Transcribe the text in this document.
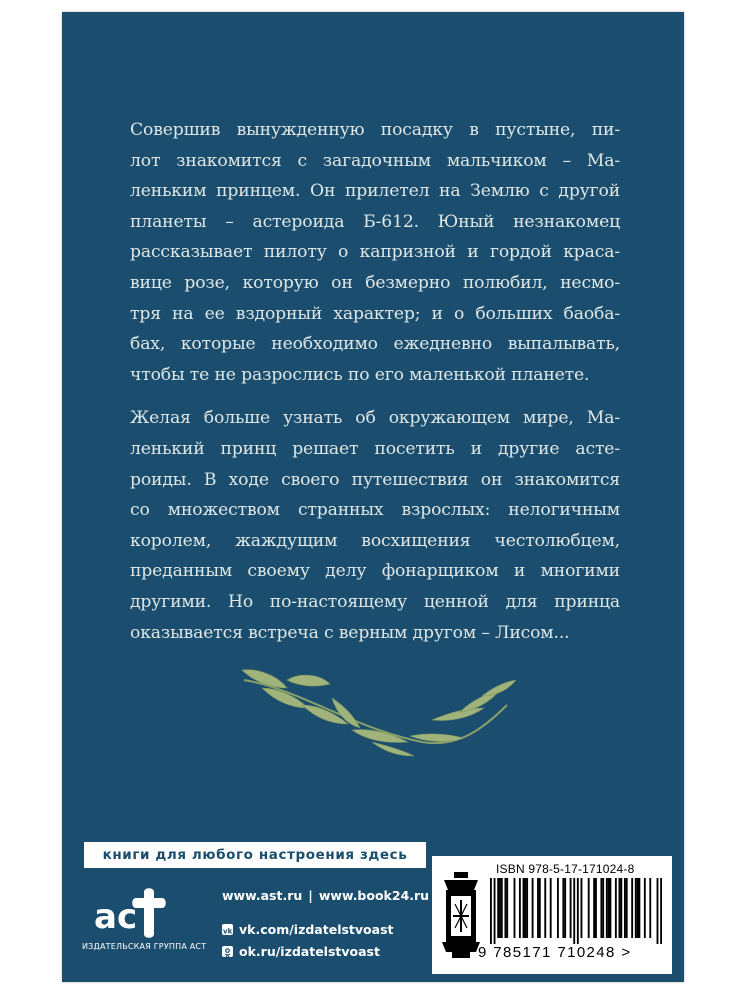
Совершив вынужденную посадку в пустыне, пи-
лот знакомится с загадочным мальчиком – Ма-
леньким принцем. Он прилетел на Землю с другой
планеты – астероида Б-612. Юный незнакомец
рассказывает пилоту о капризной и гордой краса-
вице розе, которую он безмерно полюбил, несмо-
тря на ее вздорный характер; и о больших баоба-
бах, которые необходимо ежедневно выпалывать,
чтобы те не разрослись по его маленькой планете.

Желая больше узнать об окружающем мире, Ма-
ленький принц решает посетить и другие асте-
роиды. В ходе своего путешествия он знакомится
со множеством странных взрослых: нелогичным
королем, жаждущим восхищения честолюбцем,
преданным своему делу фонарщиком и многими
другими. Но по-настоящему ценной для принца
оказывается встреча с верным другом – Лисом...

книги для любого настроения здесь
ас
ИЗДАТЕЛЬСКАЯ ГРУППА АСТ
www.ast.ru | www.book24.ru
vk vk.com/izdatelstvoast
ok.ru/izdatelstvoast
ISBN 978-5-17-171024-8
9 785171 710248 >
